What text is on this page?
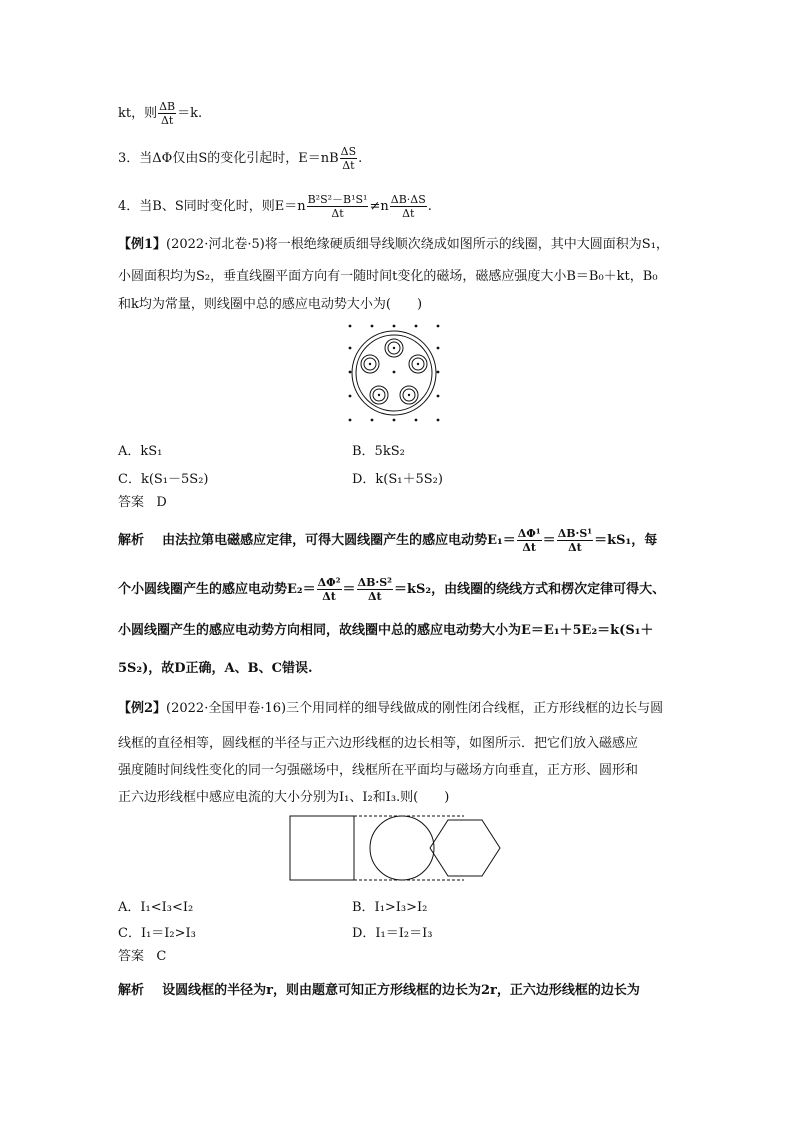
kt，则 $\frac{\Delta B}{\Delta t} =k$.
3．当ΔΦ仅由S的变化引起时，$E=nB \frac{\Delta S}{\Delta t}$ .
4．当B、S同时变化时，则$E=n \frac{\text{B²S²－B¹S¹}}{\Delta t} \ne n \frac{\Delta B\cdot\Delta S}{\Delta t}$ .
【例1】(2022·河北卷·5)将一根绝缘硬质细导线顺次绕成如图所示的线圈，其中大圆面积为S₁，
小圆面积均为S₂，垂直线圈平面方向有一随时间t变化的磁场，磁感应强度大小B＝B₀＋kt，B₀
和k均为常量，则线圈中总的感应电动势大小为(　　)
A．kS₁	B．5kS₂
C．k(S₁－5S₂)	D．k(S₁＋5S₂)
答案 D
解析 由法拉第电磁感应定律，可得大圆线圈产生的感应电动势$E_1= \frac{\text{ΔΦ¹}}{\Delta t} = \frac{\text{ΔB·S¹}}{\Delta t} =kS_1$，每
个小圆线圈产生的感应电动势$E_2= \frac{\text{ΔΦ²}}{\Delta t} = \frac{\text{ΔB·S²}}{\Delta t} =kS_2$，由线圈的绕线方式和楞次定律可得大、
小圆线圈产生的感应电动势方向相同，故线圈中总的感应电动势大小为E＝E₁＋5E₂＝k(S₁＋
5S₂)，故D正确，A、B、C错误.
【例2】(2022·全国甲卷·16)三个用同样的细导线做成的刚性闭合线框，正方形线框的边长与圆
线框的直径相等，圆线框的半径与正六边形线框的边长相等，如图所示．把它们放入磁感应
强度随时间线性变化的同一匀强磁场中，线框所在平面均与磁场方向垂直，正方形、圆形和
正六边形线框中感应电流的大小分别为I₁、I₂和I₃.则(　　)
A．I₁<I₃<I₂	B．I₁>I₃>I₂
C．I₁＝I₂>I₃	D．I₁＝I₂＝I₃
答案 C
解析 设圆线框的半径为r，则由题意可知正方形线框的边长为2r，正六边形线框的边长为
